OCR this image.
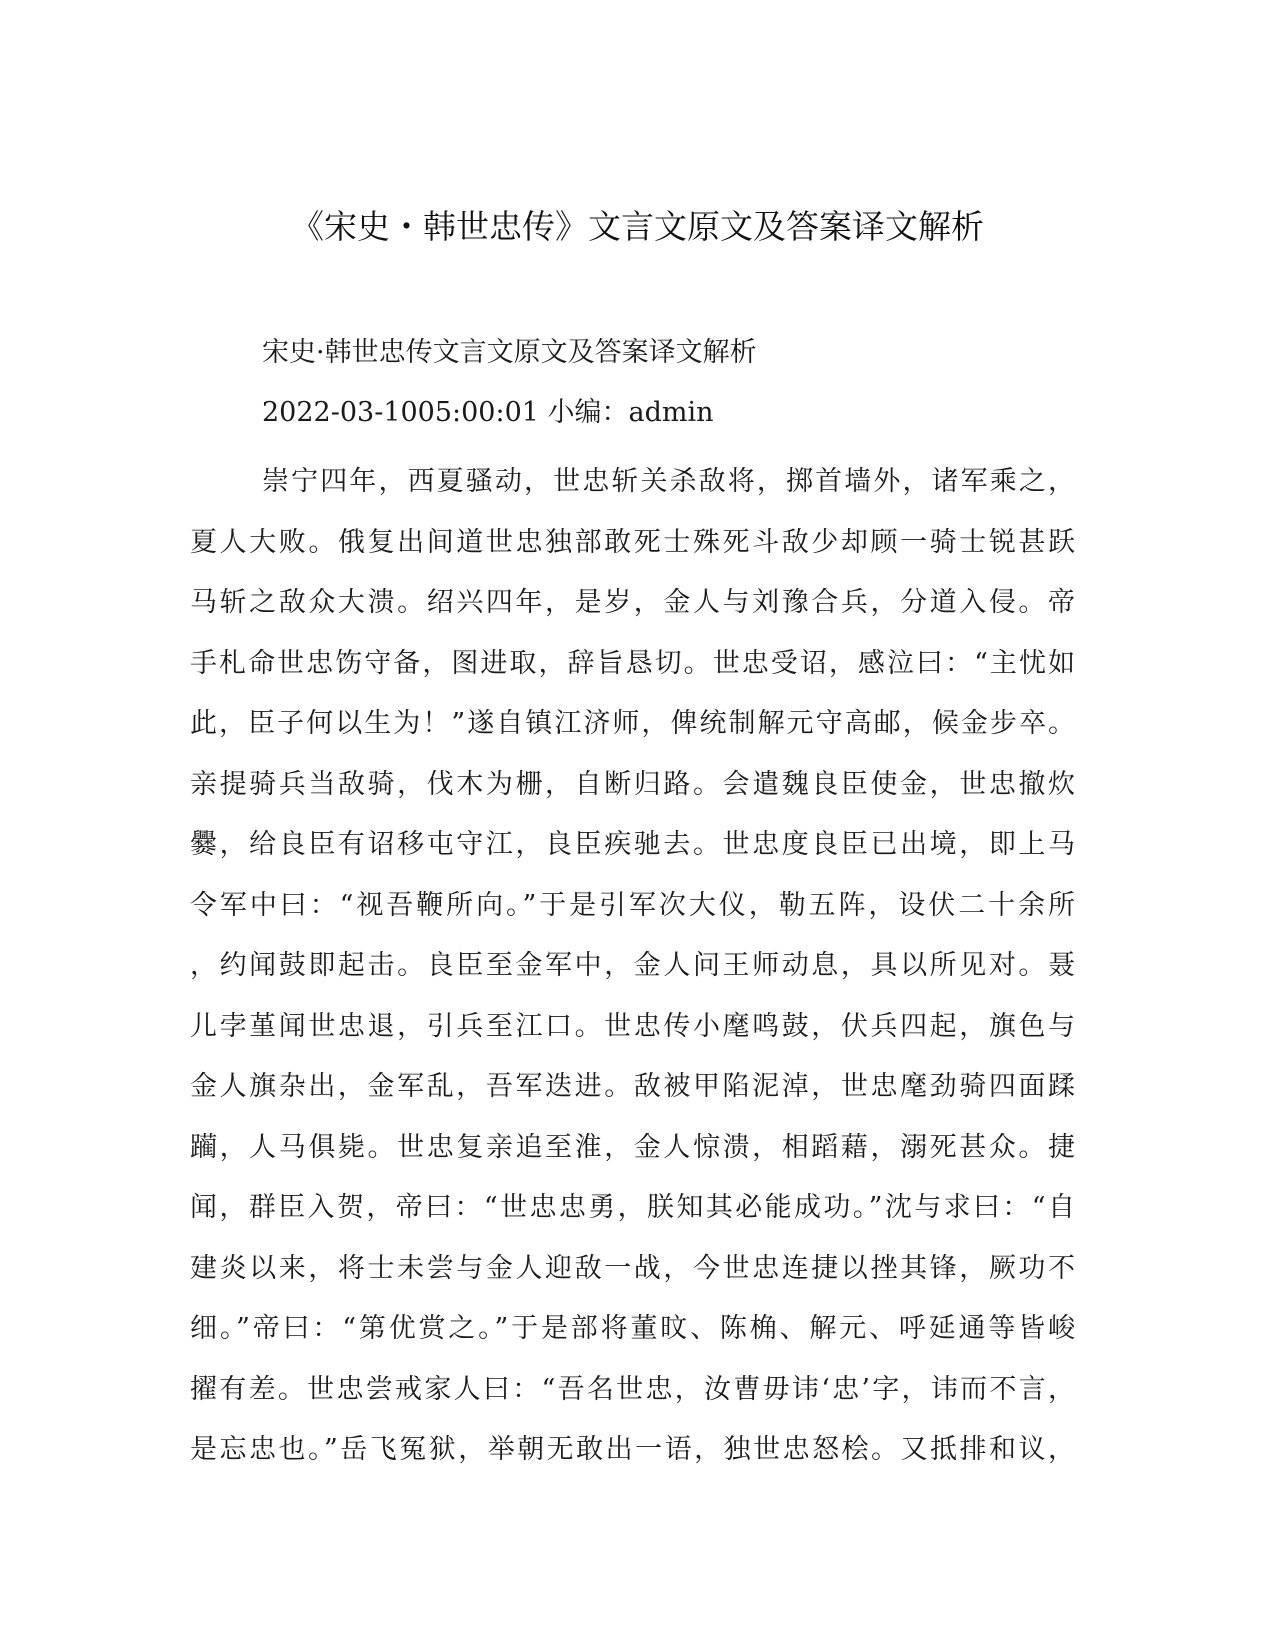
《宋史・韩世忠传》文言文原文及答案译文解析
宋史·韩世忠传文言文原文及答案译文解析
2022-03-1005:00:01 小编：admin
崇宁四年，西夏骚动，世忠斩关杀敌将，掷首墙外，诸军乘之，
夏人大败。俄复出间道世忠独部敢死士殊死斗敌少却顾一骑士锐甚跃
马斩之敌众大溃。绍兴四年，是岁，金人与刘豫合兵，分道入侵。帝
手札命世忠饬守备，图进取，辞旨恳切。世忠受诏，感泣曰：“主忧如
此，臣子何以生为！”遂自镇江济师，俾统制解元守高邮，候金步卒。
亲提骑兵当敌骑，伐木为栅，自断归路。会遣魏良臣使金，世忠撤炊
爨，给良臣有诏移屯守江，良臣疾驰去。世忠度良臣已出境，即上马
令军中曰：“视吾鞭所向。”于是引军次大仪，勒五阵，设伏二十余所
，约闻鼓即起击。良臣至金军中，金人问王师动息，具以所见对。聂
儿孛堇闻世忠退，引兵至江口。世忠传小麾鸣鼓，伏兵四起，旗色与
金人旗杂出，金军乱，吾军迭进。敌被甲陷泥淖，世忠麾劲骑四面蹂
躏，人马俱毙。世忠复亲追至淮，金人惊溃，相蹈藉，溺死甚众。捷
闻，群臣入贺，帝曰：“世忠忠勇，朕知其必能成功。”沈与求曰：“自
建炎以来，将士未尝与金人迎敌一战，今世忠连捷以挫其锋，厥功不
细。”帝曰：“第优赏之。”于是部将董旼、陈桷、解元、呼延通等皆峻
擢有差。世忠尝戒家人曰：“吾名世忠，汝曹毋讳‘忠’字，讳而不言，
是忘忠也。”岳飞冤狱，举朝无敢出一语，独世忠怒桧。又抵排和议，
